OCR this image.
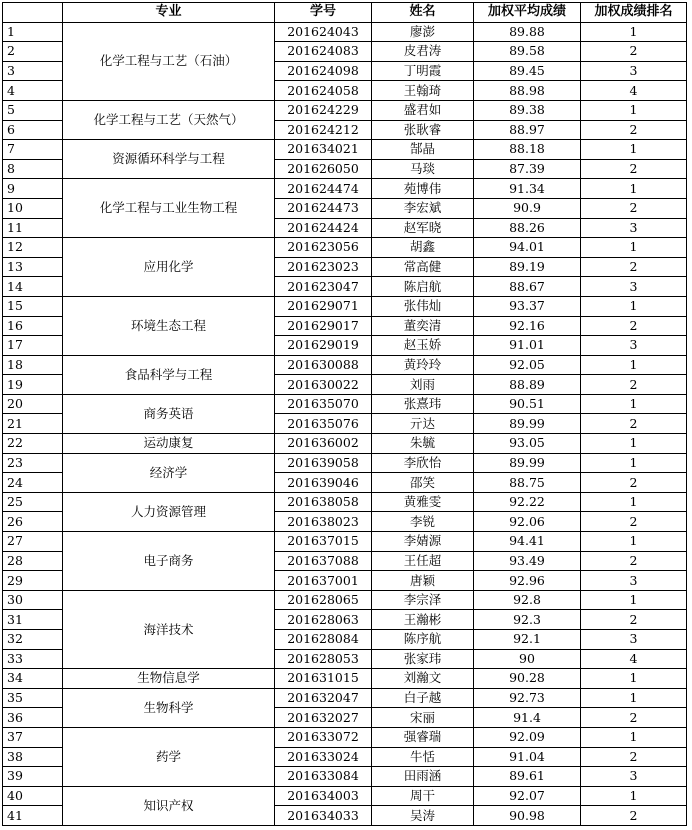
	专业	学号	姓名	加权平均成绩	加权成绩排名
1	化学工程与工艺（石油）	201624043	廖澎	89.88	1
2		201624083	皮君涛	89.58	2
3		201624098	丁明霞	89.45	3
4		201624058	王翰琦	88.98	4
5	化学工程与工艺（天然气）	201624229	盛君如	89.38	1
6		201624212	张耿睿	88.97	2
7	资源循环科学与工程	201634021	郜晶	88.18	1
8		201626050	马琰	87.39	2
9	化学工程与工业生物工程	201624474	苑博伟	91.34	1
10		201624473	李宏斌	90.9	2
11		201624424	赵军晓	88.26	3
12	应用化学	201623056	胡鑫	94.01	1
13		201623023	常高健	89.19	2
14		201623047	陈启航	88.67	3
15	环境生态工程	201629071	张伟灿	93.37	1
16		201629017	董奕清	92.16	2
17		201629019	赵玉娇	91.01	3
18	食品科学与工程	201630088	黄玲玲	92.05	1
19		201630022	刘雨	88.89	2
20	商务英语	201635070	张熹玮	90.51	1
21		201635076	亓达	89.99	2
22	运动康复	201636002	朱毓	93.05	1
23	经济学	201639058	李欣怡	89.99	1
24		201639046	邵笑	88.75	2
25	人力资源管理	201638058	黄雅雯	92.22	1
26		201638023	李锐	92.06	2
27	电子商务	201637015	李婧源	94.41	1
28		201637088	王任超	93.49	2
29		201637001	唐颖	92.96	3
30	海洋技术	201628065	李宗泽	92.8	1
31		201628063	王瀚彬	92.3	2
32		201628084	陈序航	92.1	3
33		201628053	张家玮	90	4
34	生物信息学	201631015	刘瀚文	90.28	1
35	生物科学	201632047	白子越	92.73	1
36		201632027	宋丽	91.4	2
37	药学	201633072	强睿瑞	92.09	1
38		201633024	牛恬	91.04	2
39		201633084	田雨涵	89.61	3
40	知识产权	201634003	周干	92.07	1
41		201634033	吴涛	90.98	2
